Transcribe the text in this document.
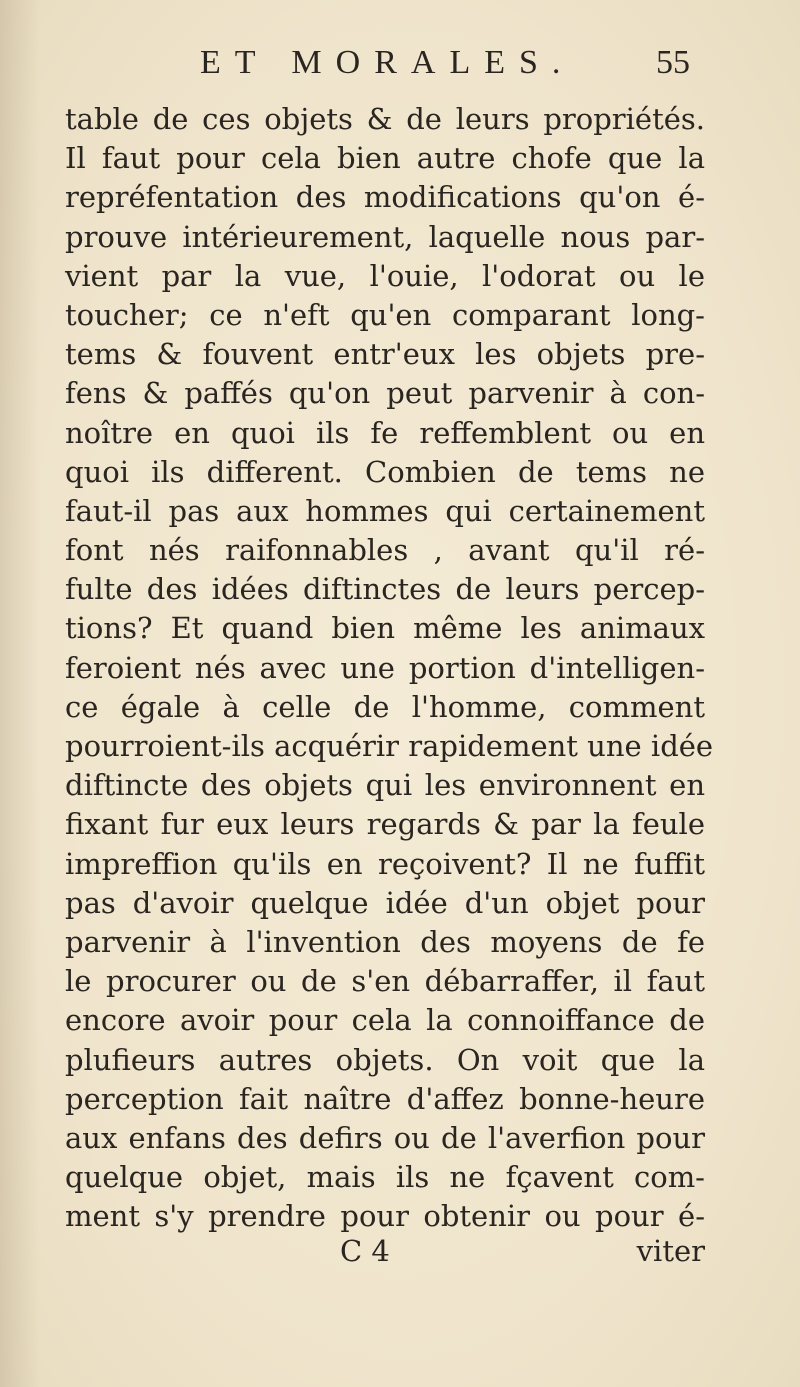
ET MORALES. 55
table de ces objets & de leurs propriétés.
Il faut pour cela bien autre chofe que la
repréfentation des modifications qu'on é-
prouve intérieurement, laquelle nous par-
vient par la vue, l'ouie, l'odorat ou le
toucher; ce n'eft qu'en comparant long-
tems & fouvent entr'eux les objets pre-
fens & paffés qu'on peut parvenir à con-
noître en quoi ils fe reffemblent ou en
quoi ils different. Combien de tems ne
faut-il pas aux hommes qui certainement
font nés raifonnables , avant qu'il ré-
fulte des idées diftinctes de leurs percep-
tions? Et quand bien même les animaux
feroient nés avec une portion d'intelligen-
ce égale à celle de l'homme, comment
pourroient-ils acquérir rapidement une idée
diftincte des objets qui les environnent en
fixant fur eux leurs regards & par la feule
impreffion qu'ils en reçoivent? Il ne fuffit
pas d'avoir quelque idée d'un objet pour
parvenir à l'invention des moyens de fe
le procurer ou de s'en débarraffer, il faut
encore avoir pour cela la connoiffance de
plufieurs autres objets. On voit que la
perception fait naître d'affez bonne-heure
aux enfans des defirs ou de l'averfion pour
quelque objet, mais ils ne fçavent com-
ment s'y prendre pour obtenir ou pour é-
C 4	viter
